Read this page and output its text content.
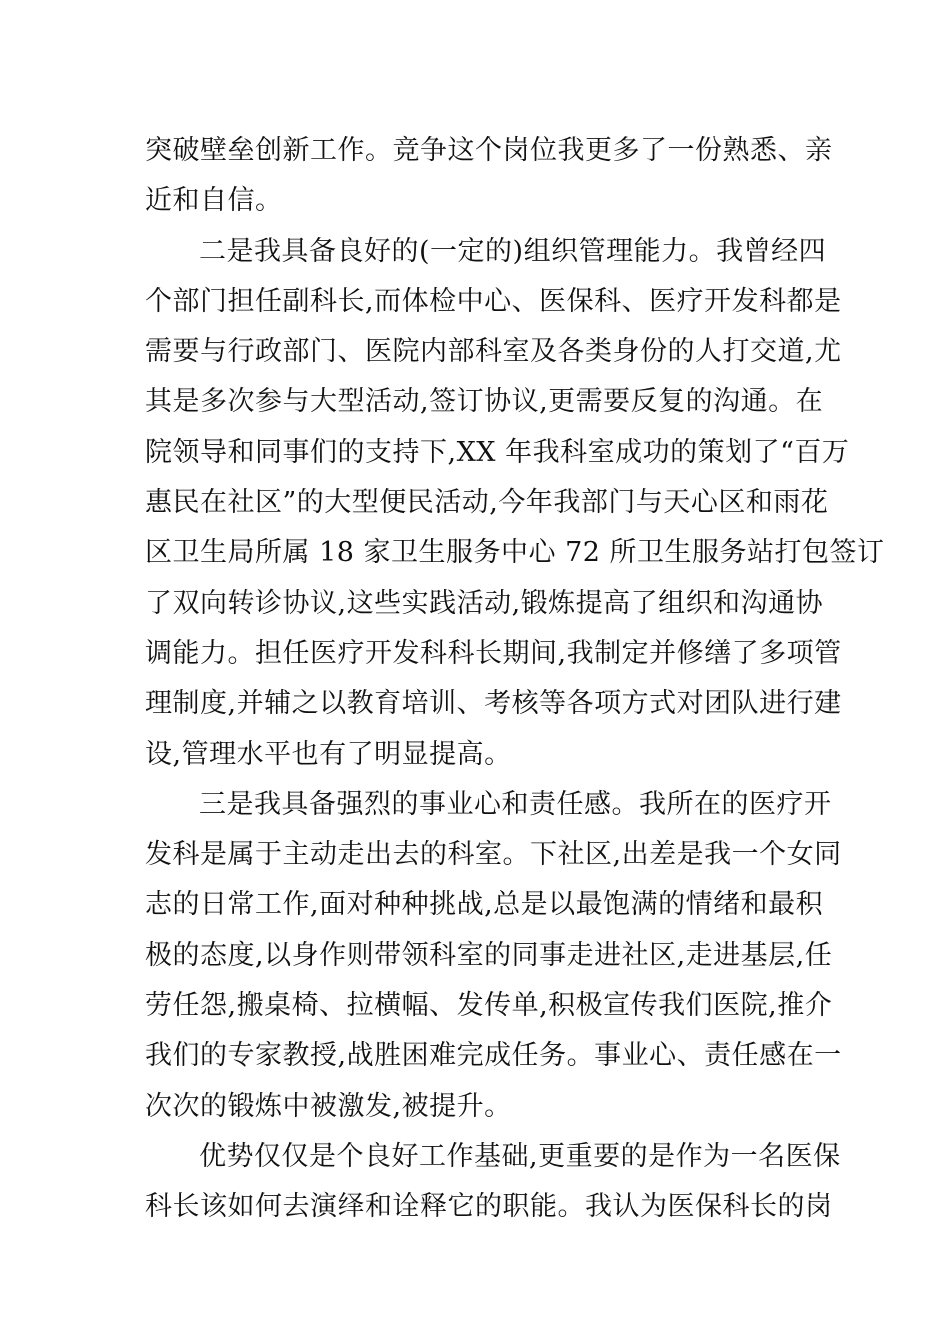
突破壁垒创新工作。竞争这个岗位我更多了一份熟悉、亲
近和自信。
二是我具备良好的(一定的)组织管理能力。我曾经四
个部门担任副科长,而体检中心、医保科、医疗开发科都是
需要与行政部门、医院内部科室及各类身份的人打交道,尤
其是多次参与大型活动,签订协议,更需要反复的沟通。在
院领导和同事们的支持下,XX 年我科室成功的策划了“百万
惠民在社区”的大型便民活动,今年我部门与天心区和雨花
区卫生局所属 18 家卫生服务中心 72 所卫生服务站打包签订
了双向转诊协议,这些实践活动,锻炼提高了组织和沟通协
调能力。担任医疗开发科科长期间,我制定并修缮了多项管
理制度,并辅之以教育培训、考核等各项方式对团队进行建
设,管理水平也有了明显提高。
三是我具备强烈的事业心和责任感。我所在的医疗开
发科是属于主动走出去的科室。下社区,出差是我一个女同
志的日常工作,面对种种挑战,总是以最饱满的情绪和最积
极的态度,以身作则带领科室的同事走进社区,走进基层,任
劳任怨,搬桌椅、拉横幅、发传单,积极宣传我们医院,推介
我们的专家教授,战胜困难完成任务。事业心、责任感在一
次次的锻炼中被激发,被提升。
优势仅仅是个良好工作基础,更重要的是作为一名医保
科长该如何去演绎和诠释它的职能。我认为医保科长的岗
